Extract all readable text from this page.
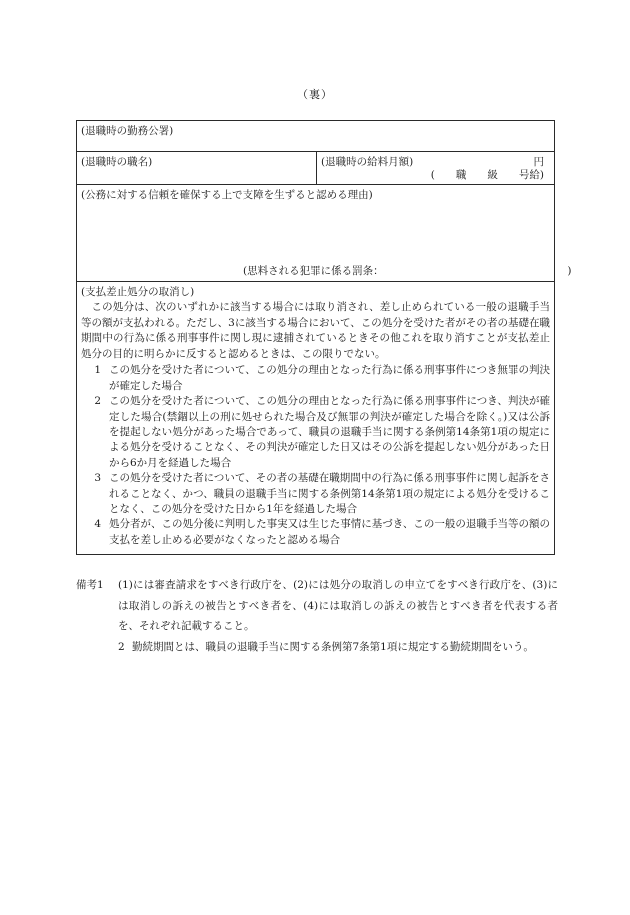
（裏）
(退職時の勤務公署)
(退職時の職名)	(退職時の給料月額)	円
(　　職　　級　　号給)
(公務に対する信頼を確保する上で支障を生ずると認める理由)
(思料される犯罪に係る罰条：　　　　　　　　　　　　　　　　　　)
(支払差止処分の取消し)

この処分は、次のいずれかに該当する場合には取り消され、差し止められている一般の退職手当等の額が支払われる。ただし、3に該当する場合において、この処分を受けた者がその者の基礎在職期間中の行為に係る刑事事件に関し現に逮捕されているときその他これを取り消すことが支払差止処分の目的に明らかに反すると認めるときは、この限りでない。

1 この処分を受けた者について、この処分の理由となった行為に係る刑事事件につき無罪の判決が確定した場合
2 この処分を受けた者について、この処分の理由となった行為に係る刑事事件につき、判決が確定した場合(禁錮以上の刑に処せられた場合及び無罪の判決が確定した場合を除く。)又は公訴を提起しない処分があった場合であって、職員の退職手当に関する条例第14条第1項の規定による処分を受けることなく、その判決が確定した日又はその公訴を提起しない処分があった日から6か月を経過した場合
3 この処分を受けた者について、その者の基礎在職期間中の行為に係る刑事事件に関し起訴をされることなく、かつ、職員の退職手当に関する条例第14条第1項の規定による処分を受けることなく、この処分を受けた日から1年を経過した場合
4 処分者が、この処分後に判明した事実又は生じた事情に基づき、この一般の退職手当等の額の支払を差し止める必要がなくなったと認める場合
備考1	(1)には審査請求をすべき行政庁を、(2)には処分の取消しの申立てをすべき行政庁を、(3)には取消しの訴えの被告とすべき者を、(4)には取消しの訴えの被告とすべき者を代表する者を、それぞれ記載すること。
2 勤続期間とは、職員の退職手当に関する条例第7条第1項に規定する勤続期間をいう。
